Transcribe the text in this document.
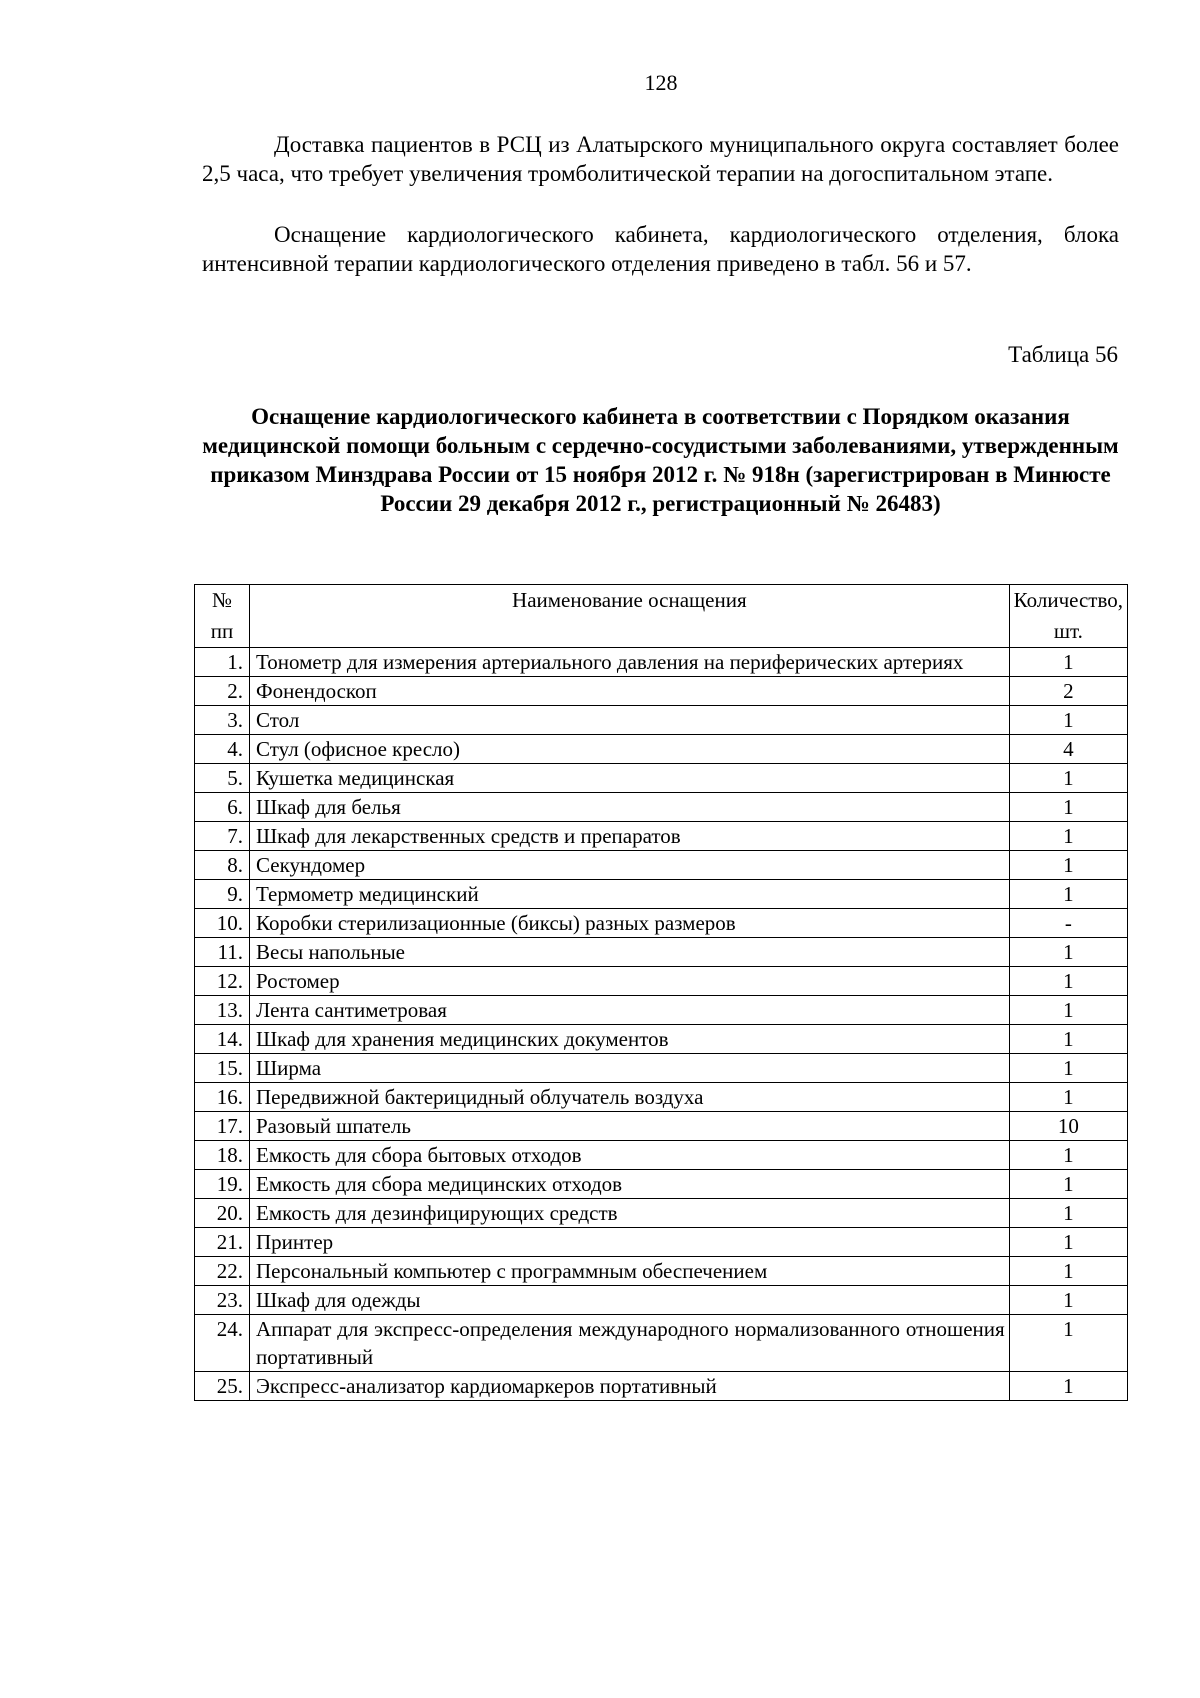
128

Доставка пациентов в РСЦ из Алатырского муниципального округа составляет более 2,5 часа, что требует увеличения тромболитической терапии на догоспитальном этапе.

Оснащение кардиологического кабинета, кардиологического отделения, блока интенсивной терапии кардиологического отделения приведено в табл. 56 и 57.

Таблица 56

Оснащение кардиологического кабинета в соответствии с Порядком оказания медицинской помощи больным с сердечно-сосудистыми заболеваниями, утвержденным приказом Минздрава России от 15 ноября 2012 г. № 918н (зарегистрирован в Минюсте России 29 декабря 2012 г., регистрационный № 26483)

№ пп	Наименование оснащения	Количество, шт.
1.	Тонометр для измерения артериального давления на периферических артериях	1
2.	Фонендоскоп	2
3.	Стол	1
4.	Стул (офисное кресло)	4
5.	Кушетка медицинская	1
6.	Шкаф для белья	1
7.	Шкаф для лекарственных средств и препаратов	1
8.	Секундомер	1
9.	Термометр медицинский	1
10.	Коробки стерилизационные (биксы) разных размеров	-
11.	Весы напольные	1
12.	Ростомер	1
13.	Лента сантиметровая	1
14.	Шкаф для хранения медицинских документов	1
15.	Ширма	1
16.	Передвижной бактерицидный облучатель воздуха	1
17.	Разовый шпатель	10
18.	Емкость для сбора бытовых отходов	1
19.	Емкость для сбора медицинских отходов	1
20.	Емкость для дезинфицирующих средств	1
21.	Принтер	1
22.	Персональный компьютер с программным обеспечением	1
23.	Шкаф для одежды	1
24.	Аппарат для экспресс-определения международного нормализованного отношения портативный	1
25.	Экспресс-анализатор кардиомаркеров портативный	1
